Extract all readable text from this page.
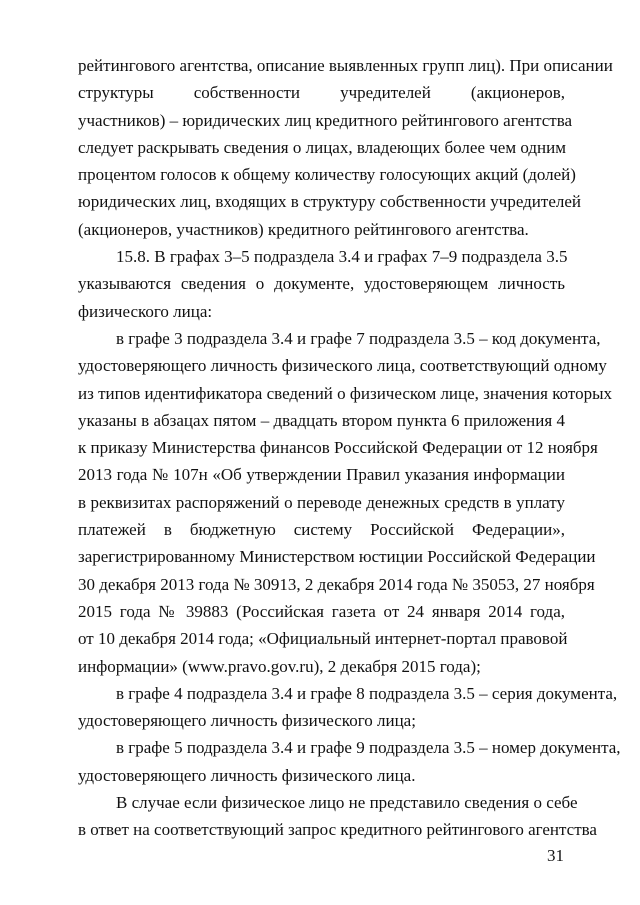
рейтингового агентства, описание выявленных групп лиц). При описании
структуры собственности учредителей (акционеров,
участников) – юридических лиц кредитного рейтингового агентства
следует раскрывать сведения о лицах, владеющих более чем одним
процентом голосов к общему количеству голосующих акций (долей)
юридических лиц, входящих в структуру собственности учредителей
(акционеров, участников) кредитного рейтингового агентства.
15.8. В графах 3–5 подраздела 3.4 и графах 7–9 подраздела 3.5
указываются сведения о документе, удостоверяющем личность
физического лица:
в графе 3 подраздела 3.4 и графе 7 подраздела 3.5 – код документа,
удостоверяющего личность физического лица, соответствующий одному
из типов идентификатора сведений о физическом лице, значения которых
указаны в абзацах пятом – двадцать втором пункта 6 приложения 4
к приказу Министерства финансов Российской Федерации от 12 ноября
2013 года № 107н «Об утверждении Правил указания информации
в реквизитах распоряжений о переводе денежных средств в уплату
платежей в бюджетную систему Российской Федерации»,
зарегистрированному Министерством юстиции Российской Федерации
30 декабря 2013 года № 30913, 2 декабря 2014 года № 35053, 27 ноября
2015 года № 39883 (Российская газета от 24 января 2014 года,
от 10 декабря 2014 года; «Официальный интернет-портал правовой
информации» (www.pravo.gov.ru), 2 декабря 2015 года);
в графе 4 подраздела 3.4 и графе 8 подраздела 3.5 – серия документа,
удостоверяющего личность физического лица;
в графе 5 подраздела 3.4 и графе 9 подраздела 3.5 – номер документа,
удостоверяющего личность физического лица.
В случае если физическое лицо не представило сведения о себе
в ответ на соответствующий запрос кредитного рейтингового агентства
31
